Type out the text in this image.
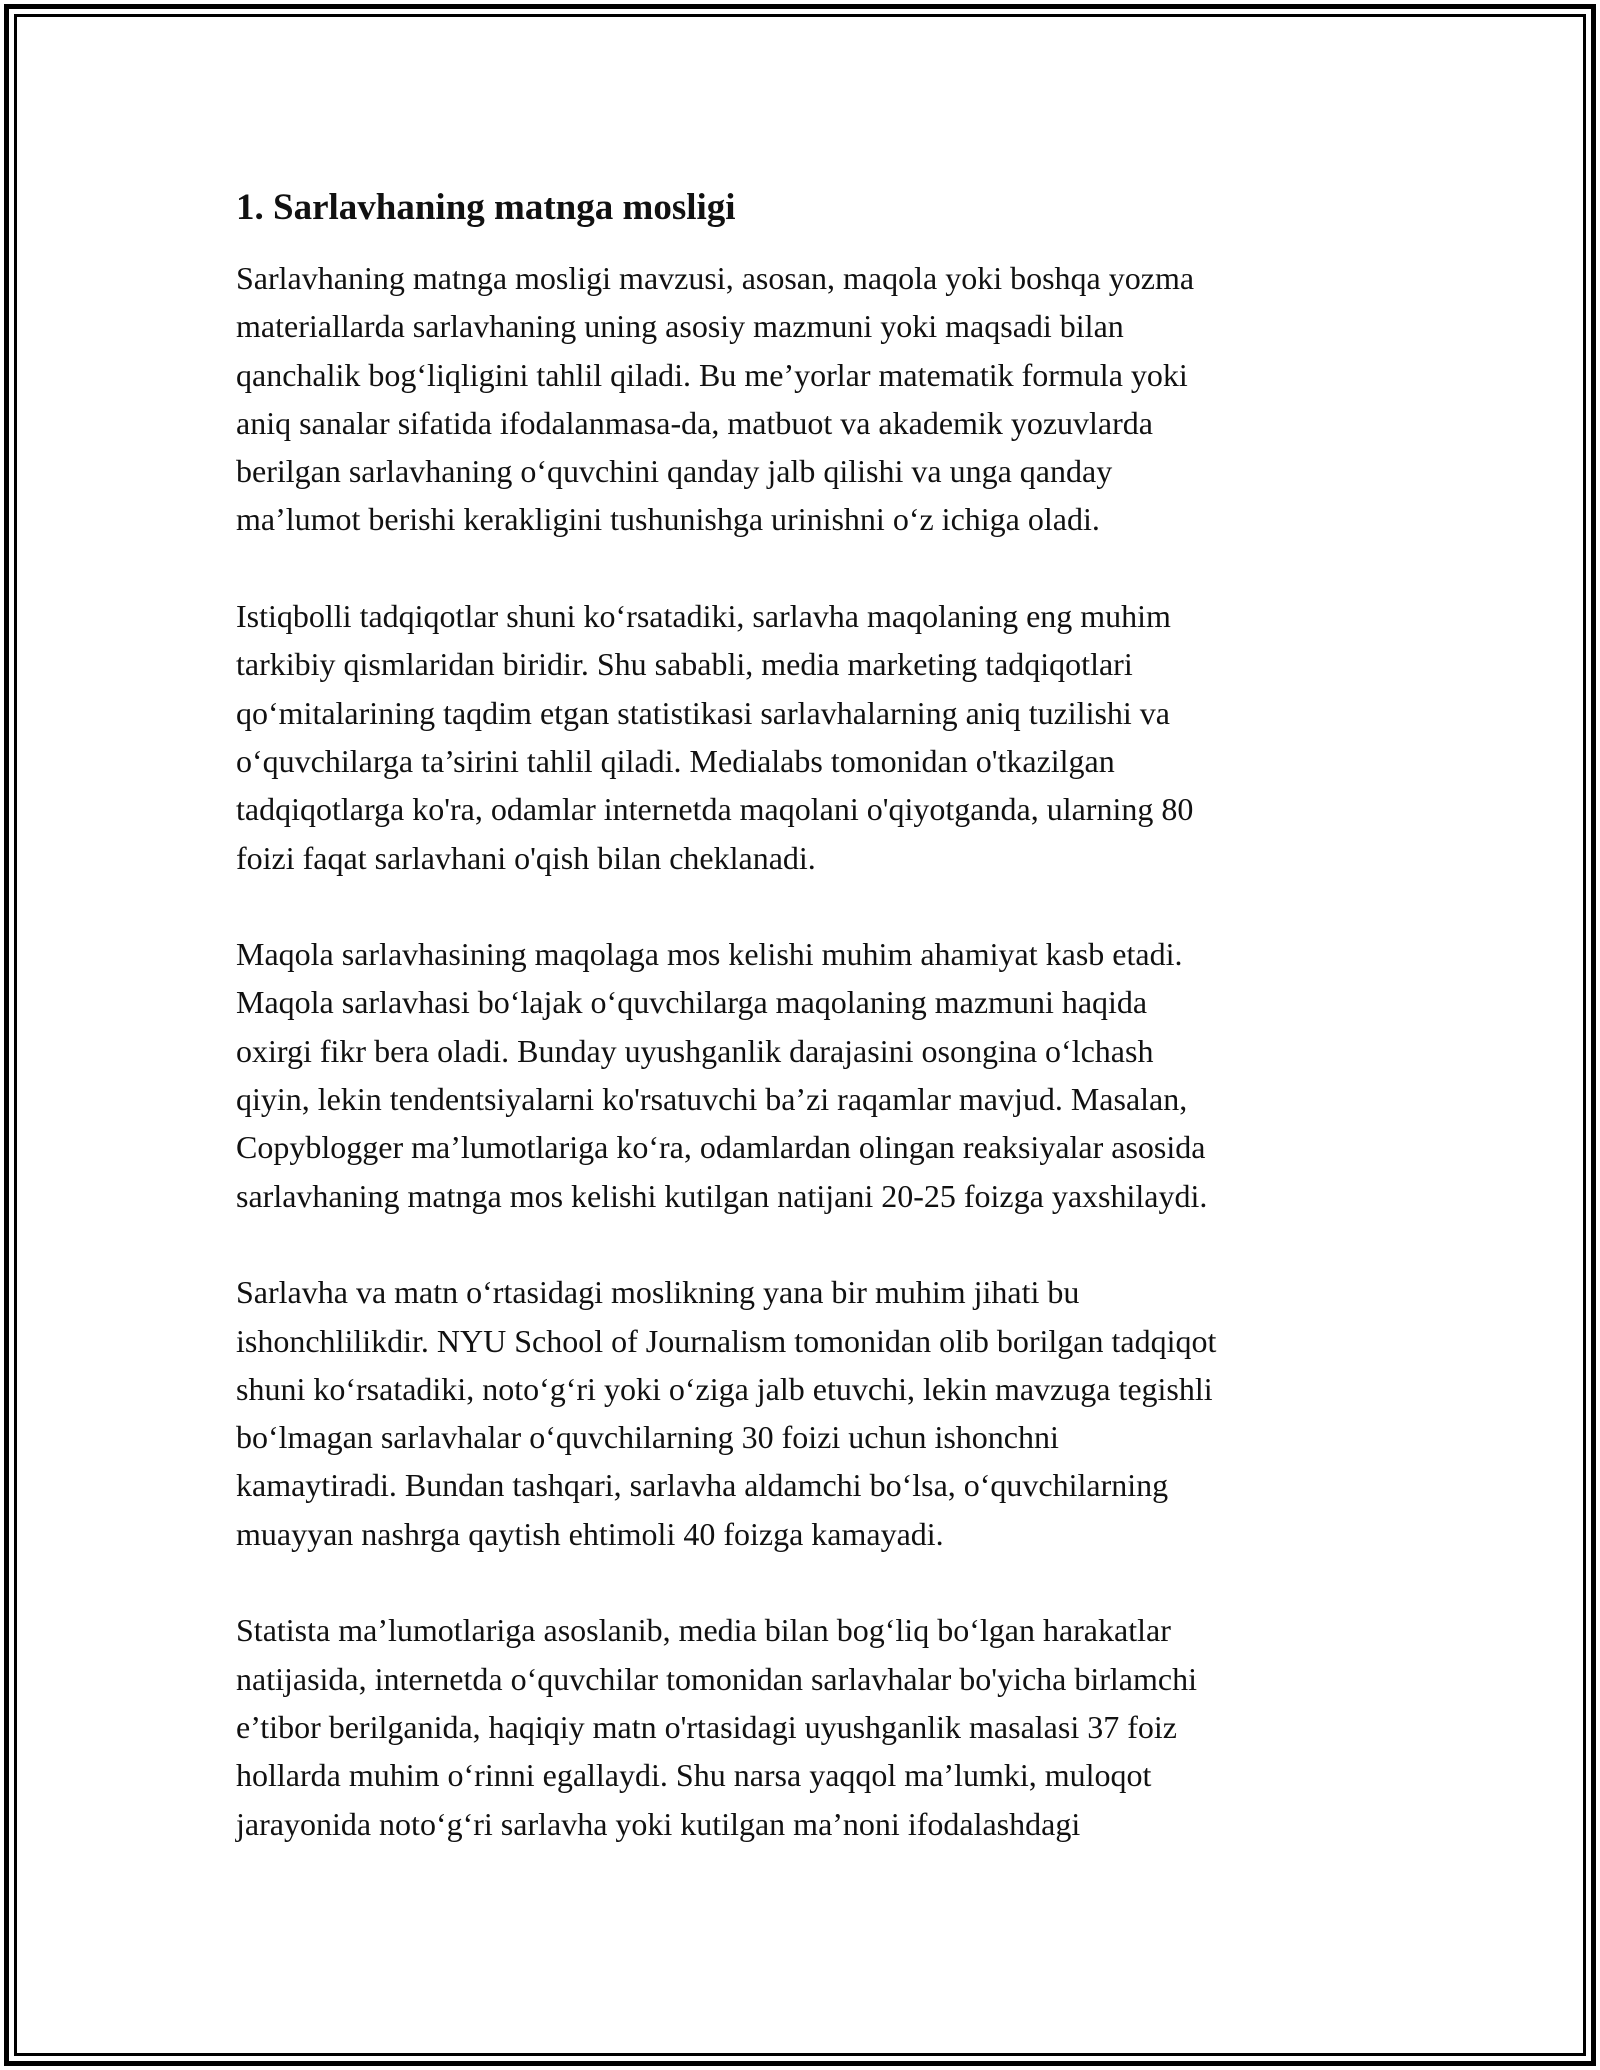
1. Sarlavhaning matnga mosligi

Sarlavhaning matnga mosligi mavzusi, asosan, maqola yoki boshqa yozma
materiallarda sarlavhaning uning asosiy mazmuni yoki maqsadi bilan
qanchalik bog‘liqligini tahlil qiladi. Bu me’yorlar matematik formula yoki
aniq sanalar sifatida ifodalanmasa-da, matbuot va akademik yozuvlarda
berilgan sarlavhaning o‘quvchini qanday jalb qilishi va unga qanday
ma’lumot berishi kerakligini tushunishga urinishni o‘z ichiga oladi.

Istiqbolli tadqiqotlar shuni ko‘rsatadiki, sarlavha maqolaning eng muhim
tarkibiy qismlaridan biridir. Shu sababli, media marketing tadqiqotlari
qo‘mitalarining taqdim etgan statistikasi sarlavhalarning aniq tuzilishi va
o‘quvchilarga ta’sirini tahlil qiladi. Medialabs tomonidan o'tkazilgan
tadqiqotlarga ko'ra, odamlar internetda maqolani o'qiyotganda, ularning 80
foizi faqat sarlavhani o'qish bilan cheklanadi.

Maqola sarlavhasining maqolaga mos kelishi muhim ahamiyat kasb etadi.
Maqola sarlavhasi bo‘lajak o‘quvchilarga maqolaning mazmuni haqida
oxirgi fikr bera oladi. Bunday uyushganlik darajasini osongina o‘lchash
qiyin, lekin tendentsiyalarni ko'rsatuvchi ba’zi raqamlar mavjud. Masalan,
Copyblogger ma’lumotlariga ko‘ra, odamlardan olingan reaksiyalar asosida
sarlavhaning matnga mos kelishi kutilgan natijani 20-25 foizga yaxshilaydi.

Sarlavha va matn o‘rtasidagi moslikning yana bir muhim jihati bu
ishonchlilikdir. NYU School of Journalism tomonidan olib borilgan tadqiqot
shuni ko‘rsatadiki, noto‘g‘ri yoki o‘ziga jalb etuvchi, lekin mavzuga tegishli
bo‘lmagan sarlavhalar o‘quvchilarning 30 foizi uchun ishonchni
kamaytiradi. Bundan tashqari, sarlavha aldamchi bo‘lsa, o‘quvchilarning
muayyan nashrga qaytish ehtimoli 40 foizga kamayadi.

Statista ma’lumotlariga asoslanib, media bilan bog‘liq bo‘lgan harakatlar
natijasida, internetda o‘quvchilar tomonidan sarlavhalar bo'yicha birlamchi
e’tibor berilganida, haqiqiy matn o'rtasidagi uyushganlik masalasi 37 foiz
hollarda muhim o‘rinni egallaydi. Shu narsa yaqqol ma’lumki, muloqot
jarayonida noto‘g‘ri sarlavha yoki kutilgan ma’noni ifodalashdagi
